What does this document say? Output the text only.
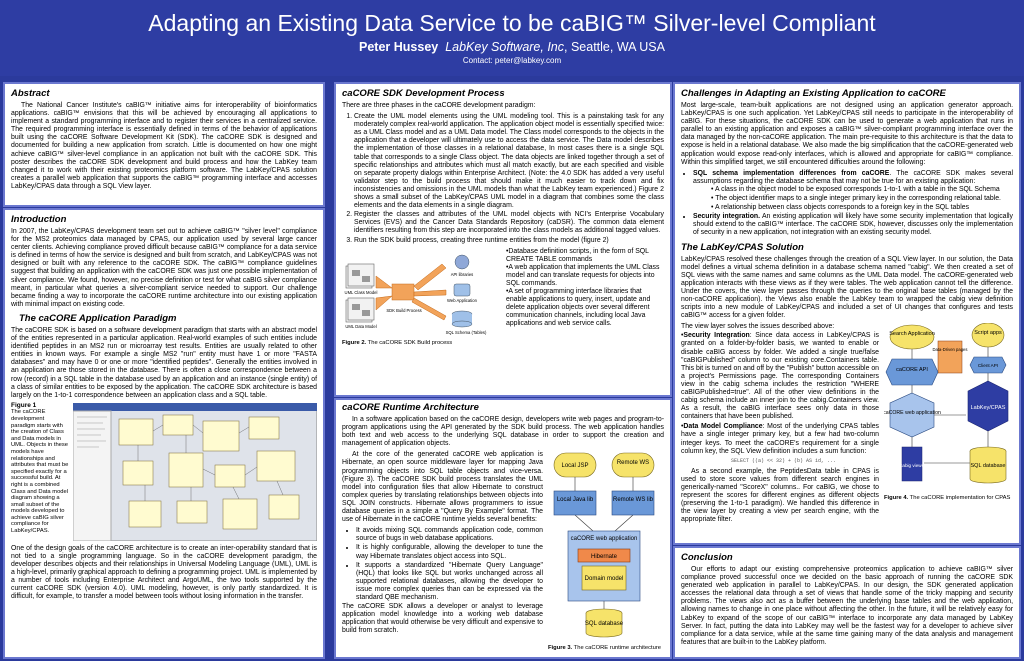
Adapting an Existing Data Service to be caBIG™ Silver-level Compliant
Peter Hussey LabKey Software, Inc, Seattle, WA USA
Contact: peter@labkey.com
Abstract

The National Cancer Institute's caBIG™ initiative aims for interoperability of bioinformatics applications. caBIG™ envisions that this will be achieved by encouraging all applications to implement a standard programming interface and to register their services in a centralized service. The required programming interface is essentially defined in terms of the behavior of applications built using the caCORE Software Development Kit (SDK). The caCORE SDK is designed and documented for building a new application from scratch. Little is documented on how one might achieve caBIG™ silver-level compliance in an application not built with the caCORE SDK. This poster describes the caCORE SDK development and build process and how the LabKey team changed it to work with their existing proteomics platform software. The LabKey/CPAS solution creates a parallel web application that supports the caBIG™ programming interface and accesses LabKey/CPAS data through a SQL View layer.

Introduction

In 2007, the LabKey/CPAS development team set out to achieve caBIG™ "silver level" compliance for the MS2 proteomics data managed by CPAS, our application used by several large cancer center clients. Achieving compliance proved difficult because caBIG™ compliance for a data service is defined in terms of how the service is designed and built from scratch, and LabKey/CPAS was not designed or built with any reference to the caCORE SDK. The caBIG™ compliance guidelines suggest that building an application with the caCORE SDK was just one possible implementation of silver compliance. We found, however, no precise definition or test for what caBIG silver compliance meant, in particular what queries a silver-compliant service needed to support. Our challenge became finding a way to incorporate the caCORE runtime architecture into our existing application with minimal impact on existing code.

The caCORE Application Paradigm

The caCORE SDK is based on a software development paradigm that starts with an abstract model of the entities represented in a particular application. Real-world examples of such entities include identified peptides in an MS2 run or microarray test results. Entities are usually related to other entities in known ways. For example a single MS2 "run" entity must have 1 or more "FASTA databases" and may have 0 or one or more "identified peptides". Generally the entities involved in an application are those stored in the database. There is often a close correspondence between a row (record) in a SQL table in the database used by an application and an instance (single entity) of a class of similar entities to be exposed by the application. The caCORE SDK architecture is based largely on the 1-to-1 correspondence between an application class and a SQL table.

Figure 1
The caCORE development paradigm starts with the creation of Class and Data models in UML. Objects in these models have relationships and attributes that must be specified exactly for a successful build. At right is a combined Class and Data model diagram showing a small subset of the models developed to achieve caBIG silver compliance for LabKey/CPAS.

One of the design goals of the caCORE architecture is to create an inter-operability standard that is not tied to a single programming language. So in the caCORE development paradigm, the developer describes objects and their relationships in Universal Modeling Language (UML), UML is a high-level, primarily graphical approach to defining a programming project. UML is implemented by a number of tools including Enterprise Architect and ArgoUML, the two tools supported by the current caCORE SDK (version 4.0). UML modeling, however, is only partly standardized. It is difficult, for example, to transfer a model between tools without losing information in the transfer.

caCORE SDK Development Process

There are three phases in the caCORE development paradigm:

1. Create the UML model elements using the UML modeling tool. This is a painstaking task for any moderately complex real-world application. The application object model is essentially specified twice: as a UML Class model and as a UML Data model. The Class model corresponds to the objects in the application that a developer will ultimately use to access the data service. The Data model describes the implementation of those classes in a relational database, In most cases there is a single SQL table that corresponds to a single Class object. The data objects are linked together through a set of specific relationships and attributes which must all match exactly, but are each specified and visible on separate property dialogs within Enterprise Architect. (Note: the 4.0 SDK has added a very useful validator step to the build process that should make it much easier to track down and fix inconsistencies and omissions in the UML models than what the LabKey team experienced.) Figure 2 shows a small subset of the LabKey/CPAS UML model in a diagram that combines some the class elements and the data elements in a single diagram.
2. Register the classes and attributes of the UML model objects with NCI's Enterprise Vocabulary Services (EVS) and the Cancer Data Standards Repository (caDSR). The common data element identifiers resulting from this step are incorporated into the class models as additional tagged values.
3. Run the SDK build process, creating three runtime entities from the model (figure 2)
UML Class Model
UML Data Model
SDK Build Process
API libraries
Web Application
SQL Schema (Tables)
Figure 2. The caCORE SDK Build process
•Database definition scripts, in the form of SQL CREATE TABLE commands
•A web application that implements the UML Class model and can translate requests for objects into SQL commands.
•A set of programming interface libraries that enable applications to query, insert, update and delete application objects over several different communication channels, including local Java applications and web service calls.
caCORE Runtime Architecture

In a software application based on the caCORE design, developers write web pages and program-to-program applications using the API generated by the SDK build process. The web application handles both text and web access to the underlying SQL database in order to support the creation and management of application objects.

At the core of the generated caCORE web application is Hibernate, an open source middleware layer for mapping Java programming objects into SQL table objects and vice-versa. (Figure 3). The caCORE SDK build process translates the UML model into configuration files that allow Hibernate to construct complex queries by translating relationships between objects into SQL JOIN constructs. Hibernate allows programmers to issue database queries in a simple a "Query By Example" format. The use of Hibernate in the caCORE runtime yields several benefits:

• It avoids mixing SQL commands application code, common source of bugs in web database applications.
• It is highly configurable, allowing the developer to tune the way Hibernate translates object access into SQL.
• It supports a standardized "Hibernate Query Language" (HQL) that looks like SQL but works unchanged across all supported relational databases, allowing the developer to issue more complex queries than can be expressed via the standard QBE mechanism.

The caCORE SDK allows a developer or analyst to leverage application model knowledge into a working web database application that would otherwise be very difficult and expensive to build from scratch.

Local JSP	Remote WS
Local Java lib	Remote WS lib
caCORE web application
Hibernate
Domain model
SQL database
Figure 3. The caCORE runtime architecture
Challenges in Adapting an Existing Application to caCORE

Most large-scale, team-built applications are not designed using an application generator approach. LabKey/CPAS is one such application. Yet LabKey/CPAS still needs to participate in the interoperability of caBIG. For these situations, the caCORE SDK can be used to generate a web application that runs in parallel to an existing application and exposes a caBIG™ silver-compliant programming interface over the data managed by the non-caCORE application. The main pre-requisite to this architecture is that the data to expose is held in a relational database. We also made the big simplification that the caCORE-generated web application would expose read-only interfaces, which is allowed and appropriate for caBIG™ compliance. Within this simplified target, we still encountered difficulties around the following:

• SQL schema implementation differences from caCORE. The caCORE SDK makes several assumptions regarding the database schema that may not be true for an existing application:
• A class in the object model to be exposed corresponds 1-to-1 with a table in the SQL Schema
• The object identifier maps to a single integer primary key in the corresponding relational table.
• A relationship between class objects corresponds to a foreign key in the SQL tables
• Security integration. An existing application will likely have some security implementation that logically should extend to the caBIG™ interface. The caCORE SDK, however, discusses only the implementation of security in a new application, not integration with an existing security model.
The LabKey/CPAS Solution

LabKey/CPAS resolved these challenges through the creation of a SQL View layer. In our solution, the Data model defines a virtual schema definition in a database schema named "cabig". We then created a set of SQL views with the same names and same columns as the UML Data model. The caCORE-generated web application interacts with these views as if they were tables. The web application cannot tell the difference. Under the covers, the view layer passes through the queries to the original base tables (managed by the non-caCORE application). the Views also enable the LabKey team to wrapped the cabig view definition scripts into a new module of LabKey/CPAS and included a set of UI changes that configures and tests caBIG™ access for a given folder.

The view layer solves the issues described above:

•Security Integration: Since data access in LabKey/CPAS is granted on a folder-by-folder basis, we wanted to enable or disable caBIG access by folder. We added a single true/false "caBIGPublished" column to our existing core.Containers table. This bit is turned on and off by the "Publish" button accessible on a project's Permissions page. The corresponding Containers view in the cabig schema includes the restriction "WHERE caBIGPublished=true". All of the other view definitions in the cabig schema include an inner join to the cabig.Containers view. As a result, the caBIG interface sees only data in those containers that have been published.
•Data Model Compliance: Most of the underlying CPAS tables have a single integer primary key, but a few had two-column integer keys. To meet the caCORE's requirement for a single column key, the SQL View definition includes a sum function:
SELECT ((a) << 32) + (b) AS id, ...

As a second example, the PeptidesData table in CPAS is used to store score values from different search engines in generically-named "ScoreX" columns.. For caBIG, we chose to represent the scores for different engines as different objects (preserving the 1-to-1 paradigm). We handled this difference in the view layer by creating a view per search engine, with the appropriate filter.

Search Application	Script apps
Data-Driven pages
caCORE API
Client API
caCORE web application
LabKey/CPAS
cabig views	SQL database
Figure 4. The caCORE implementation for CPAS
Conclusion

Our efforts to adapt our existing comprehensive proteomics application to achieve caBIG™ silver compliance proved successful once we decided on the basic approach of running the caCORE SDK generated web application in parallel to LabKey/CPAS. In our design, the SDK generated application accesses the relational data through a set of views that handle some of the tricky mapping and security problems. The views also act as a buffer between the underlying base tables and the web application, allowing names to change in one place without affecting the other. In the future, it will be relatively easy for LabKey to expand of the scope of our caBIG™ interface to incorporate any data managed by LabKey Server. In fact, putting the data into LabKey may well be the fastest way for a developer to achieve silver compliance for a data service, while at the same time gaining many of the data analysis and management features that are built-in to the LabKey platform.
